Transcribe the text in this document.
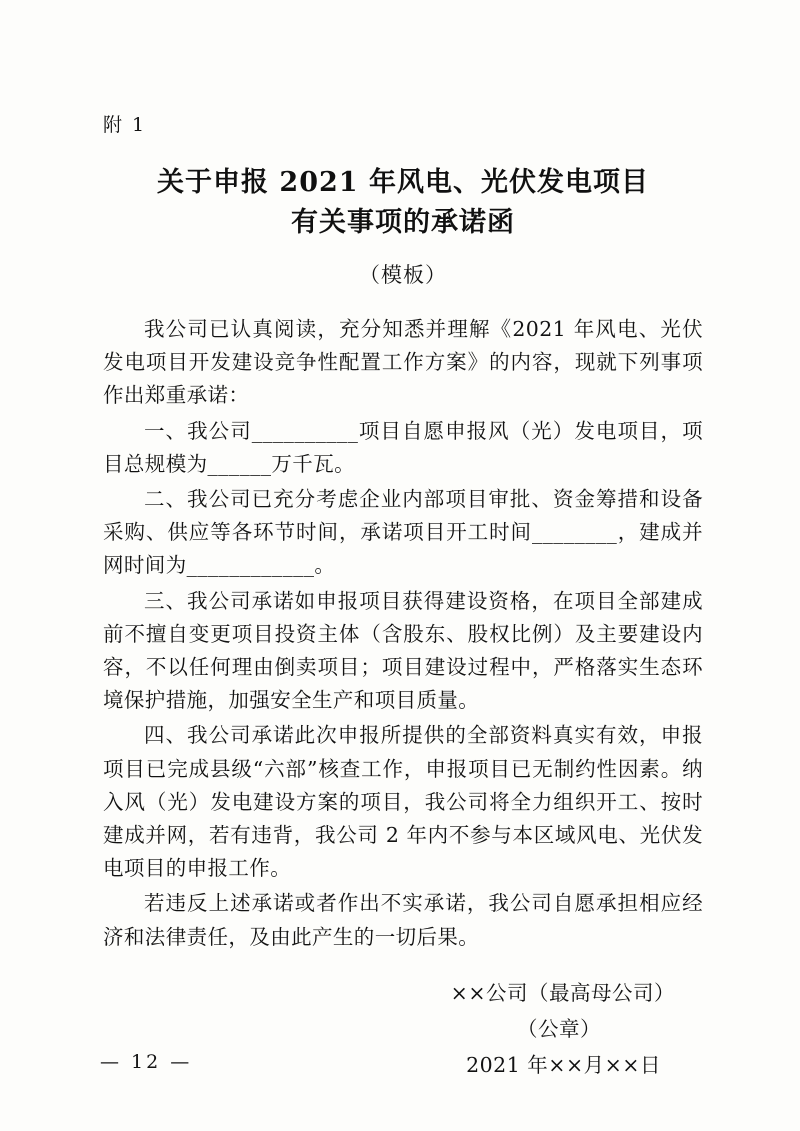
附 1
关于申报 2021 年风电、光伏发电项目
有关事项的承诺函
（模板）

我公司已认真阅读，充分知悉并理解《2021 年风电、光伏发电项目开发建设竞争性配置工作方案》的内容，现就下列事项作出郑重承诺：

一、我公司__________项目自愿申报风（光）发电项目，项目总规模为______万千瓦。

二、我公司已充分考虑企业内部项目审批、资金筹措和设备采购、供应等各环节时间，承诺项目开工时间________，建成并网时间为____________。

三、我公司承诺如申报项目获得建设资格，在项目全部建成前不擅自变更项目投资主体（含股东、股权比例）及主要建设内容，不以任何理由倒卖项目；项目建设过程中，严格落实生态环境保护措施，加强安全生产和项目质量。

四、我公司承诺此次申报所提供的全部资料真实有效，申报项目已完成县级“六部”核查工作，申报项目已无制约性因素。纳入风（光）发电建设方案的项目，我公司将全力组织开工、按时建成并网，若有违背，我公司 2 年内不参与本区域风电、光伏发电项目的申报工作。

若违反上述承诺或者作出不实承诺，我公司自愿承担相应经济和法律责任，及由此产生的一切后果。

××公司（最高母公司）
（公章）
2021 年××月××日
— 12 —
